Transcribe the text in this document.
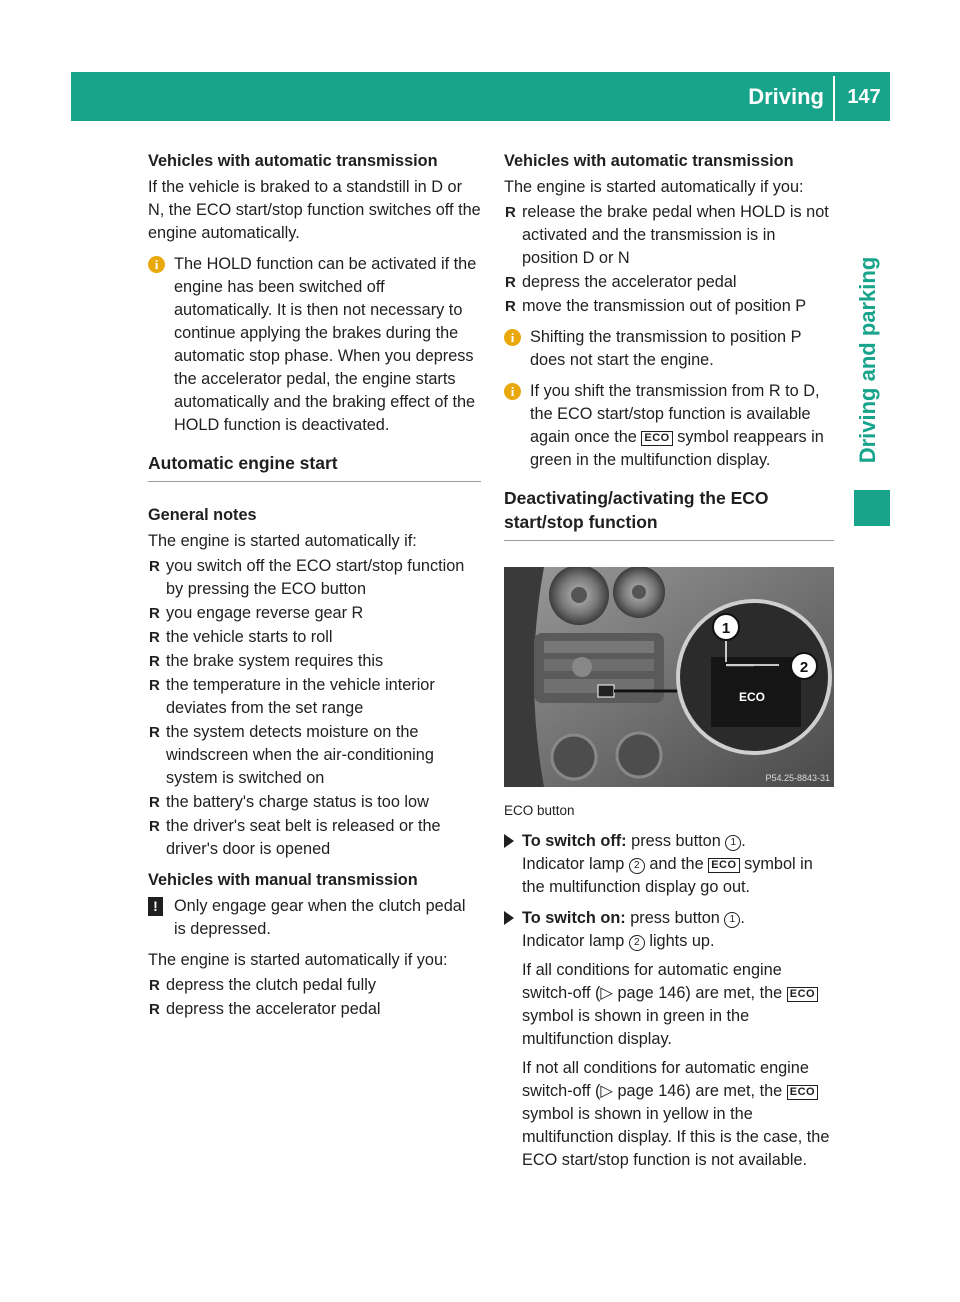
Driving	147
Driving and parking
Vehicles with automatic transmission

If the vehicle is braked to a standstill in D or N, the ECO start/stop function switches off the engine automatically.

i The HOLD function can be activated if the engine has been switched off automatically. It is then not necessary to continue applying the brakes during the automatic stop phase. When you depress the accelerator pedal, the engine starts automatically and the braking effect of the HOLD function is deactivated.
Automatic engine start
General notes

The engine is started automatically if:

R you switch off the ECO start/stop function by pressing the ECO button
R you engage reverse gear R
R the vehicle starts to roll
R the brake system requires this
R the temperature in the vehicle interior deviates from the set range
R the system detects moisture on the windscreen when the air-conditioning system is switched on
R the battery's charge status is too low
R the driver's seat belt is released or the driver's door is opened
Vehicles with manual transmission
! Only engage gear when the clutch pedal is depressed.

The engine is started automatically if you:

R depress the clutch pedal fully
R depress the accelerator pedal
Vehicles with automatic transmission

The engine is started automatically if you:

R release the brake pedal when HOLD is not activated and the transmission is in position D or N
R depress the accelerator pedal
R move the transmission out of position P
i Shifting the transmission to position P does not start the engine.
i If you shift the transmission from R to D, the ECO start/stop function is available again once the ECO symbol reappears in green in the multifunction display.
Deactivating/activating the ECO start/stop function
ECO
1
2
P54.25-8843-31

ECO button

To switch off: press button 1 .
Indicator lamp 2 and the ECO symbol in the multifunction display go out.
To switch on: press button 1 .
Indicator lamp 2 lights up.
If all conditions for automatic engine switch-off (▷ page 146) are met, the ECO symbol is shown in green in the multifunction display.
If not all conditions for automatic engine switch-off (▷ page 146) are met, the ECO symbol is shown in yellow in the multifunction display. If this is the case, the ECO start/stop function is not available.
